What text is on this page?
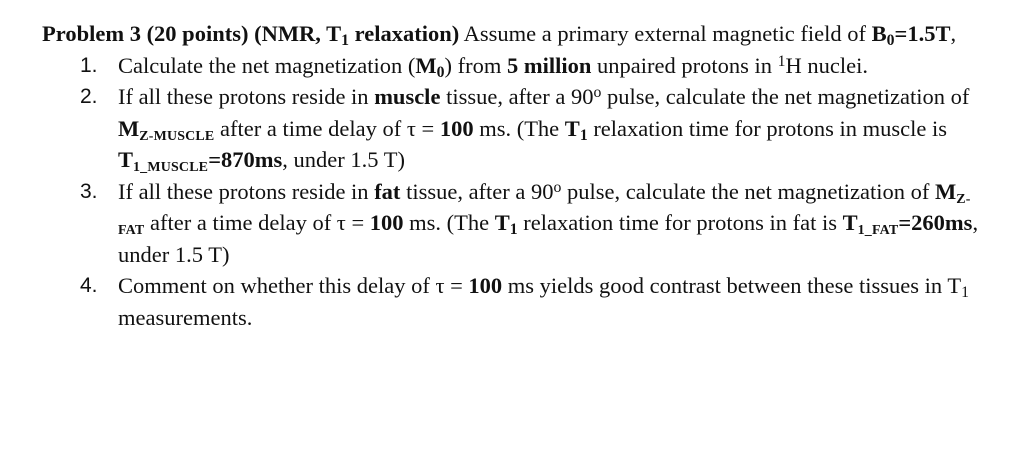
Problem 3 (20 points) (NMR, $T_1$ relaxation) Assume a primary external magnetic field of $B_0=1.5T$,

1. Calculate the net magnetization $(M_0)$ from 5 million unpaired protons in $^1$H nuclei.
2. If all these protons reside in muscle tissue, after a 90$^o$ pulse, calculate the net magnetization of MZ-MUSCLE after a time delay of τ = 100 ms. (The $T_1$ relaxation time for protons in muscle is T1_MUSCLE=870ms, under 1.5 T)
3. If all these protons reside in fat tissue, after a 90$^o$ pulse, calculate the net magnetization of MZ-FAT after a time delay of τ = 100 ms. (The $T_1$ relaxation time for protons in fat is T1_FAT=260ms, under 1.5 T)
4. Comment on whether this delay of τ = 100 ms yields good contrast between these tissues in $T_1$ measurements.
